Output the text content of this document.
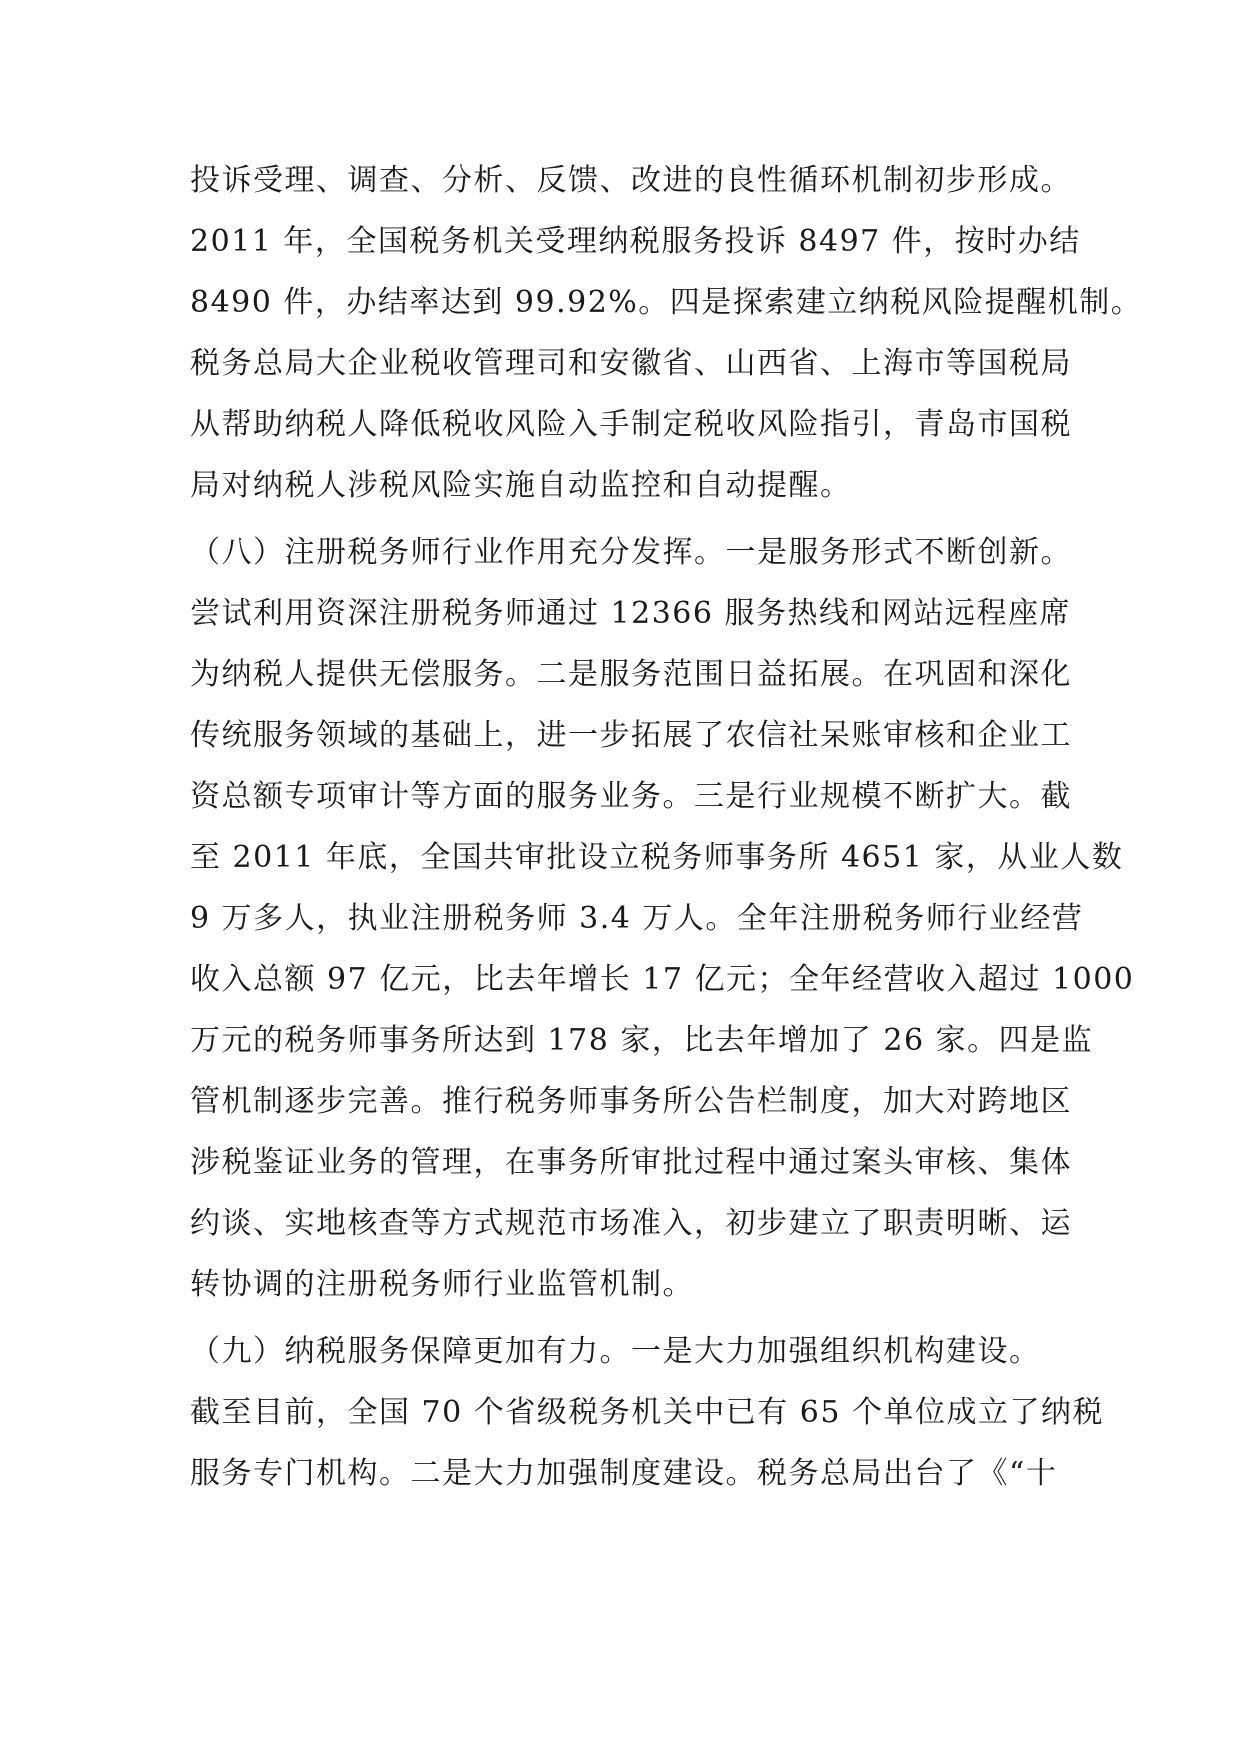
投诉受理、调查、分析、反馈、改进的良性循环机制初步形成。
2011 年，全国税务机关受理纳税服务投诉 8497 件，按时办结
8490 件，办结率达到 99.92%。四是探索建立纳税风险提醒机制。
税务总局大企业税收管理司和安徽省、山西省、上海市等国税局
从帮助纳税人降低税收风险入手制定税收风险指引，青岛市国税
局对纳税人涉税风险实施自动监控和自动提醒。
（八）注册税务师行业作用充分发挥。一是服务形式不断创新。
尝试利用资深注册税务师通过 12366 服务热线和网站远程座席
为纳税人提供无偿服务。二是服务范围日益拓展。在巩固和深化
传统服务领域的基础上，进一步拓展了农信社呆账审核和企业工
资总额专项审计等方面的服务业务。三是行业规模不断扩大。截
至 2011 年底，全国共审批设立税务师事务所 4651 家，从业人数
9 万多人，执业注册税务师 3.4 万人。全年注册税务师行业经营
收入总额 97 亿元，比去年增长 17 亿元；全年经营收入超过 1000
万元的税务师事务所达到 178 家，比去年增加了 26 家。四是监
管机制逐步完善。推行税务师事务所公告栏制度，加大对跨地区
涉税鉴证业务的管理，在事务所审批过程中通过案头审核、集体
约谈、实地核查等方式规范市场准入，初步建立了职责明晰、运
转协调的注册税务师行业监管机制。
（九）纳税服务保障更加有力。一是大力加强组织机构建设。
截至目前，全国 70 个省级税务机关中已有 65 个单位成立了纳税
服务专门机构。二是大力加强制度建设。税务总局出台了《“十
